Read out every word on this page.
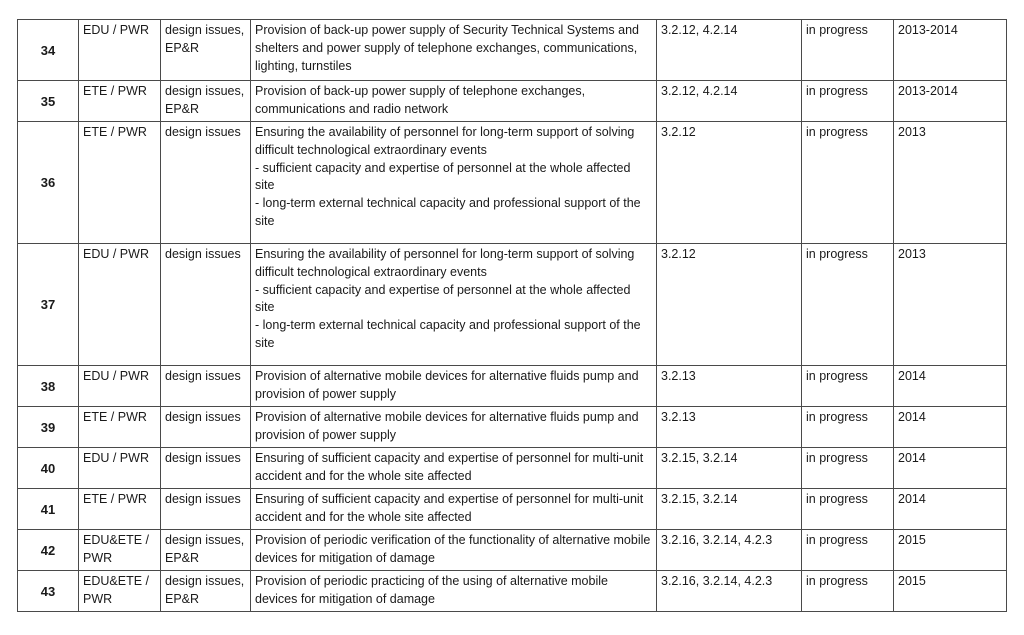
34	EDU / PWR	design issues, EP&R	Provision of back-up power supply of Security Technical Systems and shelters and power supply of telephone exchanges, communications, lighting, turnstiles	3.2.12, 4.2.14	in progress	2013-2014
35	ETE / PWR	design issues, EP&R	Provision of back-up power supply of telephone exchanges, communications and radio network	3.2.12, 4.2.14	in progress	2013-2014
36	ETE / PWR	design issues	Ensuring the availability of personnel for long-term support of solving difficult technological extraordinary events
- sufficient capacity and expertise of personnel at the whole affected site
- long-term external technical capacity and professional support of the site	3.2.12	in progress	2013
37	EDU / PWR	design issues	Ensuring the availability of personnel for long-term support of solving difficult technological extraordinary events
- sufficient capacity and expertise of personnel at the whole affected site
- long-term external technical capacity and professional support of the site	3.2.12	in progress	2013
38	EDU / PWR	design issues	Provision of alternative mobile devices for alternative fluids pump and provision of power supply	3.2.13	in progress	2014
39	ETE / PWR	design issues	Provision of alternative mobile devices for alternative fluids pump and provision of power supply	3.2.13	in progress	2014
40	EDU / PWR	design issues	Ensuring of sufficient capacity and expertise of personnel for multi-unit accident and for the whole site affected	3.2.15, 3.2.14	in progress	2014
41	ETE / PWR	design issues	Ensuring of sufficient capacity and expertise of personnel for multi-unit accident and for the whole site affected	3.2.15, 3.2.14	in progress	2014
42	EDU&ETE / PWR	design issues, EP&R	Provision of periodic verification of the functionality of alternative mobile devices for mitigation of damage	3.2.16, 3.2.14, 4.2.3	in progress	2015
43	EDU&ETE / PWR	design issues, EP&R	Provision of periodic practicing of the using of alternative mobile devices for mitigation of damage	3.2.16, 3.2.14, 4.2.3	in progress	2015
